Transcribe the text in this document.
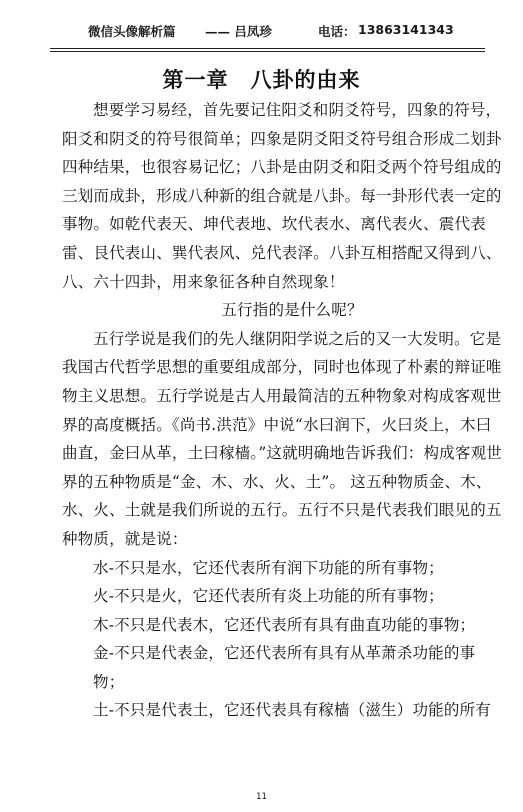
微信头像解析篇 —— 吕凤珍	电话： 13863141343
第一章　八卦的由来

想要学习易经，首先要记住阳爻和阴爻符号，四象的符号，阳爻和阴爻的符号很简单；四象是阴爻阳爻符号组合形成二划卦四种结果，也很容易记忆；八卦是由阴爻和阳爻两个符号组成的三划而成卦，形成八种新的组合就是八卦。每一卦形代表一定的事物。如乾代表天、坤代表地、坎代表水、离代表火、震代表雷、艮代表山、巽代表风、兑代表泽。八卦互相搭配又得到八、八、六十四卦，用来象征各种自然现象！

五行指的是什么呢？

五行学说是我们的先人继阴阳学说之后的又一大发明。它是我国古代哲学思想的重要组成部分，同时也体现了朴素的辩证唯物主义思想。五行学说是古人用最简洁的五种物象对构成客观世界的高度概括。《尚书.洪范》中说“水曰润下，火曰炎上，木曰曲直，金曰从革，土曰稼樯。”这就明确地告诉我们：构成客观世界的五种物质是“金、木、水、火、土”。 这五种物质金、木、水、火、土就是我们所说的五行。五行不只是代表我们眼见的五种物质，就是说：

水-不只是水，它还代表所有润下功能的所有事物；

火-不只是火，它还代表所有炎上功能的所有事物；

木-不只是代表木，它还代表所有具有曲直功能的事物；

金-不只是代表金，它还代表所有具有从革萧杀功能的事物；

土-不只是代表土，它还代表具有稼樯（滋生）功能的所有

11
